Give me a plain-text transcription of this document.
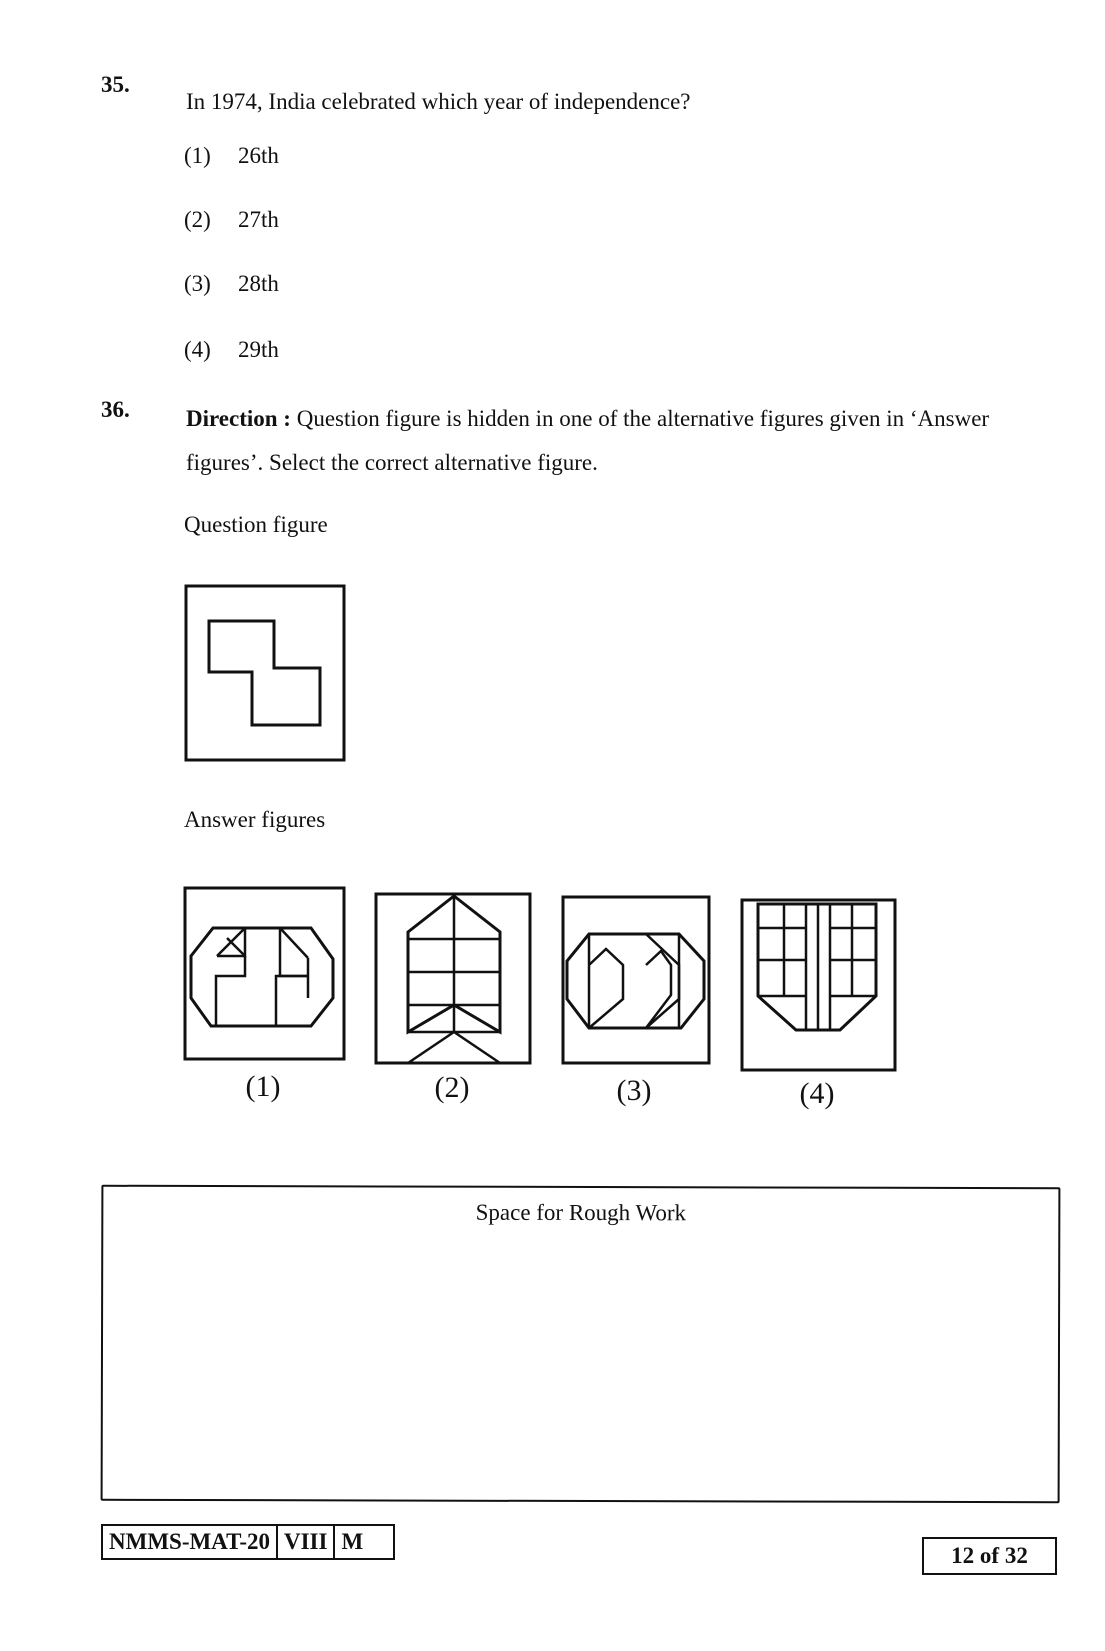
35.
In 1974, India celebrated which year of independence?
(1) 26th
(2) 27th
(3) 28th
(4) 29th
36. Direction : Question figure is hidden in one of the alternative figures given in ‘Answer figures’. Select the correct alternative figure.
Question figure
Answer figures
(1)	(2)	(3)	(4)
Space for Rough Work
NMMS-MAT-20 VIII M
12 of 32
